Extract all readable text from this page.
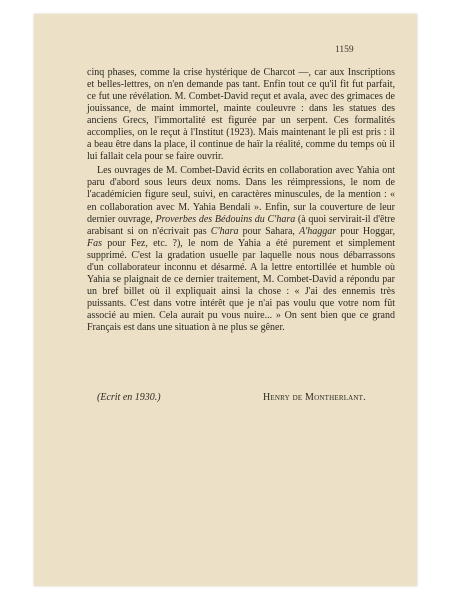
1159

cinq phases, comme la crise hystérique de Charcot —, car aux Inscriptions et belles-lettres, on n'en demande pas tant. Enfin tout ce qu'il fit fut parfait, ce fut une révélation. M. Combet-David reçut et avala, avec des grimaces de jouissance, de maint immortel, mainte couleuvre : dans les statues des anciens Grecs, l'immortalité est figurée par un serpent. Ces formalités accomplies, on le reçut à l'Institut (1923). Mais maintenant le pli est pris : il a beau être dans la place, il continue de haïr la réalité, comme du temps où il lui fallait cela pour se faire ouvrir.

Les ouvrages de M. Combet-David écrits en collaboration avec Yahia ont paru d'abord sous leurs deux noms. Dans les réimpressions, le nom de l'académicien figure seul, suivi, en caractères minuscules, de la mention : « en collaboration avec M. Yahia Bendali ». Enfin, sur la couverture de leur dernier ouvrage, Proverbes des Bédouins du C'hara (à quoi servirait-il d'être arabisant si on n'écrivait pas C'hara pour Sahara, A'haggar pour Hoggar, Fas pour Fez, etc. ?), le nom de Yahia a été purement et simplement supprimé. C'est la gradation usuelle par laquelle nous nous débarrassons d'un collaborateur inconnu et désarmé. A la lettre entortillée et humble où Yahia se plaignait de ce dernier traitement, M. Combet-David a répondu par un bref billet où il expliquait ainsi la chose : « J'ai des ennemis très puissants. C'est dans votre intérêt que je n'ai pas voulu que votre nom fût associé au mien. Cela aurait pu vous nuire... » On sent bien que ce grand Français est dans une situation à ne plus se gêner.

(Ecrit en 1930.)	Henry de Montherlant.
